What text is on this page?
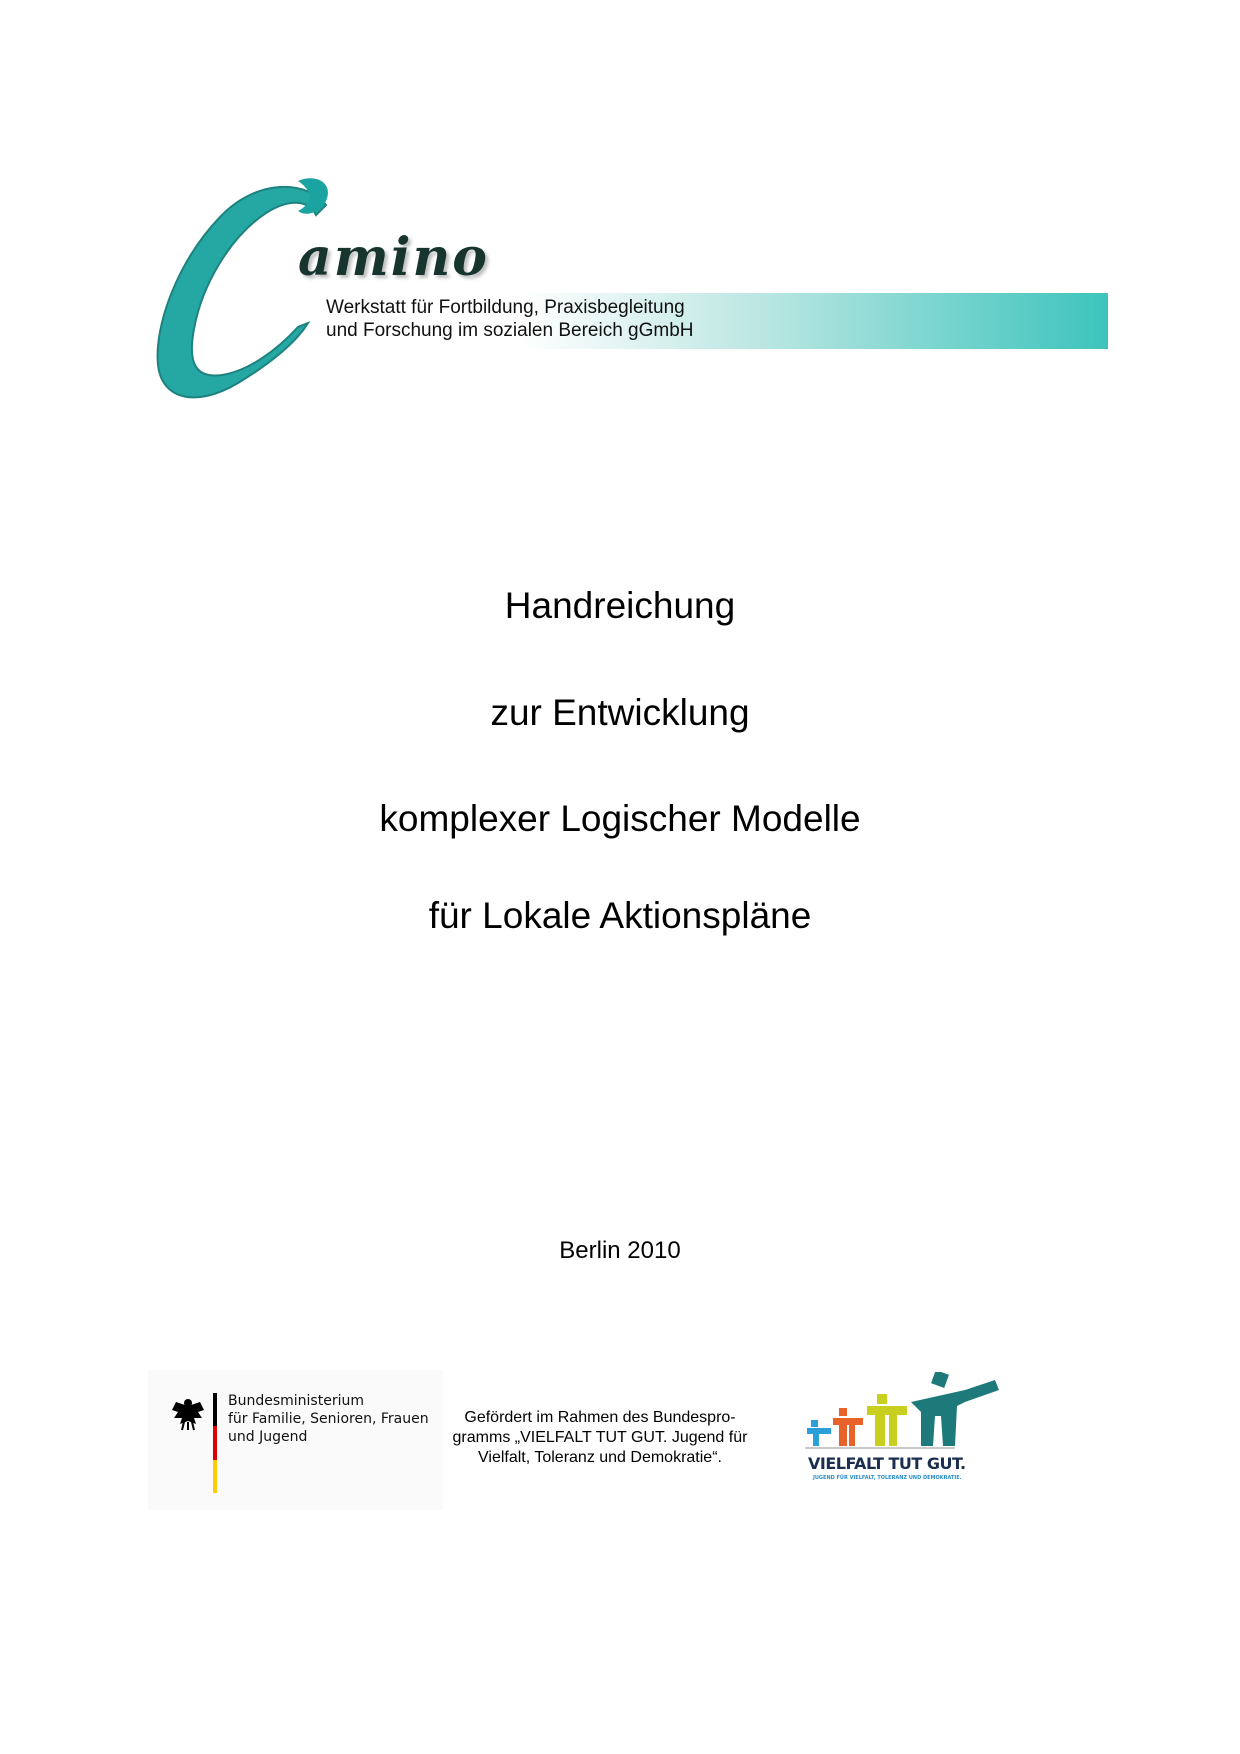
amino
Werkstatt für Fortbildung, Praxisbegleitung
und Forschung im sozialen Bereich gGmbH
Handreichung
zur Entwicklung
komplexer Logischer Modelle
für Lokale Aktionspläne
Berlin 2010
Bundesministerium
für Familie, Senioren, Frauen
und Jugend
Gefördert im Rahmen des Bundespro-
gramms „VIELFALT TUT GUT. Jugend für
Vielfalt, Toleranz und Demokratie“.	VIELFALT TUT GUT.
JUGEND FÜR VIELFALT, TOLERANZ UND DEMOKRATIE.
